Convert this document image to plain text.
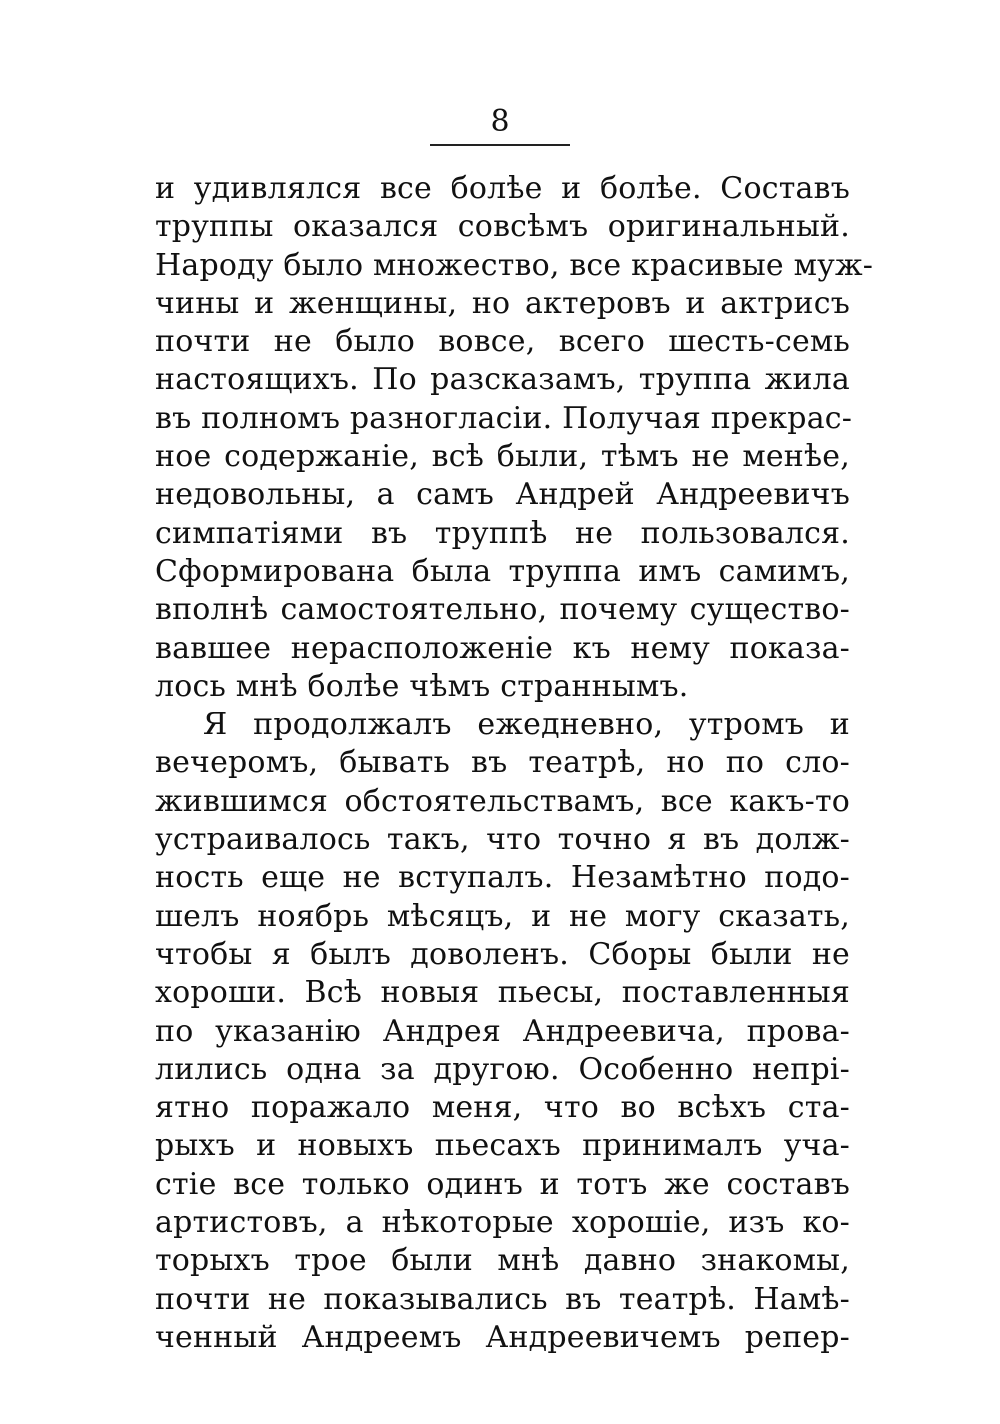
8
и удивлялся все болѣе и болѣе. Составъ
труппы оказался совсѣмъ оригинальный.
Народу было множество, все красивые муж-
чины и женщины, но актеровъ и актрисъ
почти не было вовсе, всего шесть-семь
настоящихъ. По разсказамъ, труппа жила
въ полномъ разногласіи. Получая прекрас-
ное содержаніе, всѣ были, тѣмъ не менѣе,
недовольны, а самъ Андрей Андреевичъ
симпатіями въ труппѣ не пользовался.
Сформирована была труппа имъ самимъ,
вполнѣ самостоятельно, почему существо-
вавшее нерасположеніе къ нему показа-
лось мнѣ болѣе чѣмъ страннымъ.
Я продолжалъ ежедневно, утромъ и
вечеромъ, бывать въ театрѣ, но по сло-
жившимся обстоятельствамъ, все какъ-то
устраивалось такъ, что точно я въ долж-
ность еще не вступалъ. Незамѣтно подо-
шелъ ноябрь мѣсяцъ, и не могу сказать,
чтобы я былъ доволенъ. Сборы были не
хороши. Всѣ новыя пьесы, поставленныя
по указанію Андрея Андреевича, прова-
лились одна за другою. Особенно непрі-
ятно поражало меня, что во всѣхъ ста-
рыхъ и новыхъ пьесахъ принималъ уча-
стіе все только одинъ и тотъ же составъ
артистовъ, а нѣкоторые хорошіе, изъ ко-
торыхъ трое были мнѣ давно знакомы,
почти не показывались въ театрѣ. Намѣ-
ченный Андреемъ Андреевичемъ репер-
